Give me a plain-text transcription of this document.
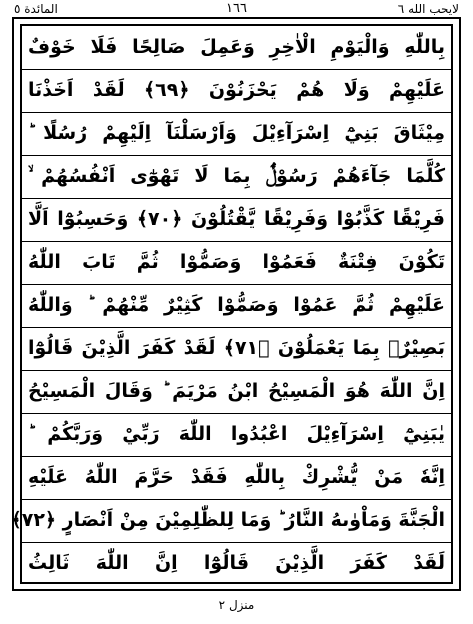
المائدة ٥	١٦٦	لايحب الله ٦
بِاللّٰهِ وَالْيَوْمِ الْاٰخِرِ وَعَمِلَ صَالِحًا فَلَا خَوْفٌ
عَلَيْهِمْ وَلَا هُمْ يَحْزَنُوْنَ ﴿٦٩﴾ لَقَدْ اَخَذْنَا
مِيْثَاقَ بَنِيْٓ اِسْرَآءِيْلَ وَاَرْسَلْنَآ اِلَيْهِمْ رُسُلًا ؕ
كُلَّمَا جَآءَهُمْ رَسُوْلٌۢ بِمَا لَا تَهْوٰٓى اَنْفُسُهُمْ ۙ
فَرِيْقًا كَذَّبُوْا وَفَرِيْقًا يَّقْتُلُوْنَ ﴿٧٠﴾ وَحَسِبُوْٓا اَلَّا
تَكُوْنَ فِتْنَةٌ فَعَمُوْا وَصَمُّوْا ثُمَّ تَابَ اللّٰهُ
عَلَيْهِمْ ثُمَّ عَمُوْا وَصَمُّوْا كَثِيْرٌ مِّنْهُمْ ؕ وَاللّٰهُ
بَصِيْرٌۢ بِمَا يَعْمَلُوْنَ ﴿٧١﴾ لَقَدْ كَفَرَ الَّذِيْنَ قَالُوْٓا
اِنَّ اللّٰهَ هُوَ الْمَسِيْحُ ابْنُ مَرْيَمَ ؕ وَقَالَ الْمَسِيْحُ
يٰبَنِيْٓ اِسْرَآءِيْلَ اعْبُدُوا اللّٰهَ رَبِّيْ وَرَبَّكُمْ ؕ
اِنَّهٗ مَنْ يُّشْرِكْ بِاللّٰهِ فَقَدْ حَرَّمَ اللّٰهُ عَلَيْهِ
الْجَنَّةَ وَمَاْوٰىهُ النَّارُ ؕ وَمَا لِلظّٰلِمِيْنَ مِنْ اَنْصَارٍ ﴿٧٢﴾
لَقَدْ كَفَرَ الَّذِيْنَ قَالُوْٓا اِنَّ اللّٰهَ ثَالِثُ
منزل ٢
